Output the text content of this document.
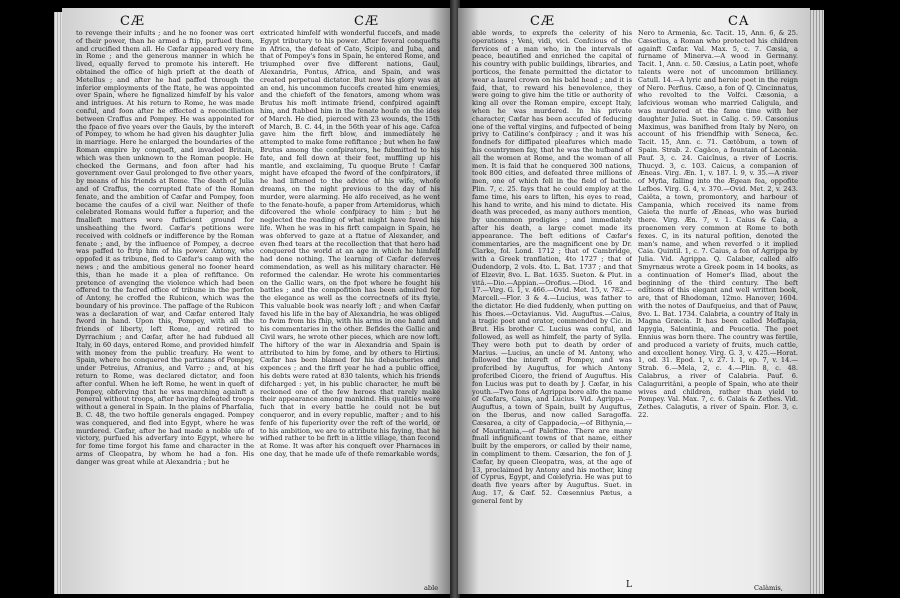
CÆ	CÆ

to revenge their infults ; and he no fooner was cert of their power, than he armed a ftip, purfued them, and crucified them all. He Cæfar appeared very fine in Rome ; and the generous manner in which he lived, equally ferved to promote his intereft. He obtained the office of high prieft at the death of Metellus ; and after he had paffed through the inferior employments of the ftate, he was appointed over Spain, where he fignalized himfelf by his valor and intrigues. At his return to Rome, he was made conful, and foon after he effected a reconciliation between Craffus and Pompey. He was appointed for the fpace of five years over the Gauls, by the intereft of Pompey, to whom he had given his daughter Julia in marriage. Here he enlarged the boundaries of the Roman empire by conqueft, and invaded Britain, which was then unknown to the Roman people. He checked the Germans, and foon after had his government over Gaul prolonged to five other years, by means of his friends at Rome. The death of Julia and of Craffus, the corrupted ftate of the Roman fenate, and the ambition of Cæfar and Pompey, foon became the caufes of a civil war. Neither of thefe celebrated Romans would fuffer a fuperior, and the fmalleft matters were fufficient ground for unsheathing the fword. Cæfar's petitions were received with coldnefs or indifference by the Roman fenate ; and, by the influence of Pompey, a decree was paffed to ftrip him of his power. Antony, who oppofed it as tribune, fled to Cæfar's camp with the news ; and the ambitious general no fooner heard this, than he made it a plea of refiftance. On pretence of avenging the violence which had been offered to the facred office of tribune in the perfon of Antony, he croffed the Rubicon, which was the boundary of his province. The paffage of the Rubicon was a declaration of war, and Cæfar entered Italy fword in hand. Upon this, Pompey, with all the friends of liberty, left Rome, and retired to Dyrrachium ; and Cæfar, after he had fubdued all Italy, in 60 days, entered Rome, and provided himfelf with money from the public treafury. He went to Spain, where he conquered the partizans of Pompey, under Petreius, Afranius, and Varro ; and, at his return to Rome, was declared dictator, and foon after conful. When he left Rome, he went in queft of Pompey, obferving that he was marching againft a general without troops, after having defeated troops without a general in Spain. In the plains of Pharfalia, B. C. 48, the two hoftile generals engaged. Pompey was conquered, and fled into Egypt, where he was murdered. Cæfar, after he had made a noble ufe of victory, purfued his adverfary into Egypt, where he for fome time forgot his fame and character in the arms of Cleopatra, by whom he had a fon. His danger was great while at Alexandria ; but he

extricated himfelf with wonderful fuccefs, and made Egypt tributary to his power. After feveral conquefts in Africa, the defeat of Cato, Scipio, and Juba, and that of Pompey's fons in Spain, he entered Rome, and triumphed over five different nations, Gaul, Alexandria, Pontus, Africa, and Spain, and was created perpetual dictator. But now his glory was at an end, his uncommon fuccefs created him enemies, and the chiefeft of the fenators, among whom was Brutus his moft intimate friend, confpired againft him, and ftabbed him in the fenate houfe on the ides of March. He died, pierced with 23 wounds, the 15th of March, B. C. 44, in the 56th year of his age. Cafca gave him the firft blow, and immediately he attempted to make fome refiftance ; but when he faw Brutus among the confpirators, he fubmitted to his fate, and fell down at their feet, muffling up his mantle, and exclaiming, Tu quoque Brute ! Cæfar might have efcaped the fword of the confpirators, if he had liftened to the advice of his wife, whofe dreams, on the night previous to the day of his murder, were alarming. He alfo received, as he went to the fenate-houfe, a paper from Artemidorus, which difcovered the whole confpiracy to him ; but he neglected the reading of what might have faved his life. When he was in his firft campaign in Spain, he was obferved to gaze at a ftatue of Alexander, and even fhed tears at the recollection that that hero had conquered the world at an age in which he himfelf had done nothing. The learning of Cæfar deferves commendation, as well as his military character. He reformed the calendar. He wrote his commentaries on the Gallic wars, on the fpot where he fought his battles ; and the compofition has been admired for the elegance as well as the correctnefs of its ftyle. This valuable book was nearly loft ; and when Cæfar faved his life in the bay of Alexandria, he was obliged to fwim from his fhip, with his arms in one hand and his commentaries in the other. Befides the Gallic and Civil wars, he wrote other pieces, which are now loft. The hiftory of the war in Alexandria and Spain is attributed to him by fome, and by others to Hirtius. Cæfar has been blamed for his debaucheries and expences ; and the firft year he had a public office, his debts were rated at 830 talents, which his friends difcharged : yet, in his public character, he muft be reckoned one of the few heroes that rarely make their appearance among mankind. His qualities were fuch that in every battle he could not be but conqueror, and in every republic, mafter ; and to his fenfe of his fuperiority over the reft of the world, or to his ambition, we are to attribute his faying, that he wifhed rather to be firft in a little village, than fecond at Rome. It was after his conqueft over Pharnaces in one day, that he made ufe of thefe remarkable words,

able
CÆ	CA

able words, to exprefs the celerity of his operations ; Veni, vidi, vici. Confcious of the fervices of a man who, in the intervals of peace, beautified and enriched the capital of his country with public buildings, libraries, and porticos, the fenate permitted the dictator to wear a laurel crown on his bald head ; and it is faid, that, to reward his benevolence, they were going to give him the title or authority of king all over the Roman empire, except Italy, when he was murdered. In his private character, Cæfar has been accufed of feducing one of the veftal virgins, and fufpected of being privy to Catiline's confpiracy ; and it was his fondnefs for diffipated pleafures which made his countrymen fay, that he was the hufband of all the women at Rome, and the woman of all men. It is faid that he conquered 300 nations, took 800 cities, and defeated three millions of men, one of which fell in the field of battle. Plin. 7, c. 25. fays that he could employ at the fame time, his ears to liften, his eyes to read, his hand to write, and his mind to dictate. His death was preceded, as many authors mention, by uncommon prodigies ; and immediately after his death, a large comet made its appearance. The beft editions of Cæfar's commentaries, are the magnificent one by Dr. Clarke, fol. Lond. 1712 ; that of Cambridge, with a Greek tranflation, 4to 1727 ; that of Oudendorp, 2 vols. 4to. L. Bat. 1737 ; and that of Elzevir, 8vo. L. Bat. 1635. Sueton. & Plut. in vitâ.—Dio.—Appian.—Orofius.—Diod. 16 and 17.—Virg. G. 1, v. 466.—Ovid. Met. 15, v. 782.—Marcell.—Flor. 3 & 4.—Lucius, was father to the dictator. He died fuddenly, when putting on his fhoes.—Octavianus. Vid. Auguftus.—Caius, a tragic poet and orator, commended by Cic. in Brut. His brother C. Lucius was conful, and followed, as well as himfelf, the party of Sylla. They were both put to death by order of Marius. —Lucius, an uncle of M. Antony, who followed the intereft of Pompey, and was profcribed by Auguftus, for which Antony profcribed Cicero, the friend of Auguftus. His fon Lucius was put to death by J. Cæfar, in his youth.—Two fons of Agrippa bore alfo the name of Cæfars, Caius, and Lucius. Vid. Agrippa.—Auguftus, a town of Spain, built by Auguftus, on the Iberus, and now called Saragoffa. Cæsarea, a city of Cappadocia,—of Bithynia,—of Mauritania,—of Paleftine. There are many fmall infignificant towns of that name, either built by the emperors, or called by their name, in compliment to them. Cæsarion, the fon of J. Cæfar, by queen Cleopatra, was, at the age of 13, proclaimed by Antony and his mother, king of Cyprus, Egypt, and Cœlefyria. He was put to death five years after by Auguftus. Suet. in Aug. 17, & Cæf. 52. Cæsennius Pætus, a general fent by

Nero to Armenia, &c. Tacit. 15, Ann. 6, & 25. Cæsetius, a Roman who protected his children againft Cæfar. Val. Max. 5, c. 7. Cæsia, a furname of Minerva.—A wood in Germany. Tacit. 1, Ann. c. 50. Cæsius, a Latin poet, whofe talents were not of uncommon brilliancy. Catull. 14.—A lyric and heroic poet in the reign of Nero. Perfius. Cæso, a fon of Q. Cincinnatus, who revolted to the Volfci. Cæsonia, a lafcivious woman who married Caligula, and was murdered at the fame time with her daughter Julia. Suet. in Calig. c. 59. Cæsonius Maximus, was banifhed from Italy by Nero, on account of his friendfhip with Seneca, &c. Tacit. 15, Ann. c. 71. Cætôbum, a town of Spain. Strab. 2. Cagâco, a fountain of Laconia. Pauf. 3, c. 24. Caicînus, a river of Locris. Thucyd. 3, c. 103. Caicus, a companion of Æneas. Virg. Æn. 1, v. 187. l. 9, v. 35.—A river of Myfia, falling into the Ægean fea, oppofite Lefbos. Virg. G. 4, v. 370.—Ovid. Met. 2, v. 243. Caiêta, a town, promontory, and harbour of Campania, which received its name from Caieta the nurfe of Æneas, who was buried there. Virg. Æn. 7, v. 1. Caius & Caia, a praenomen very common at Rome to both fexes. C, in its natural pofition, denoted the man's name, and when reverfed ↄ it implied Caia. Quintil. 1, c. 7. Caius, a fon of Agrippa by Julia. Vid. Agrippa. Q. Calaber, called alfo Smyrnæus wrote a Greek poem in 14 books, as a continuation of Homer's Iliad, about the beginning of the third century. The beft editions of this elegant and well written book, are, that of Rhodoman, 12mo. Hanover, 1604. with the notes of Daufqueius, and that of Pauw, 8vo. L. Bat. 1734. Calabria, a country of Italy in Magna Græcia. It has been called Meffapia, Iapygia, Salentinia, and Peucetia. The poet Ennius was born there. The country was fertile, and produced a variety of fruits, much cattle, and excellent honey. Virg. G. 3, v. 425.—Horat. 1, od. 31. Epod. 1, v. 27. l. 1, ep. 7, v. 14.—Strab. 6.—Mela, 2, c. 4.—Plin. 8, c. 48. Calabrus, a river of Calabria. Pauf. 6. Calagurritâni, a people of Spain, who ate their wives and children, rather than yield to Pompey. Val. Max. 7, c. 6. Calais & Zethes. Vid. Zethes. Calagutis, a river of Spain. Flor. 3, c. 22.

L	Calàmis,
